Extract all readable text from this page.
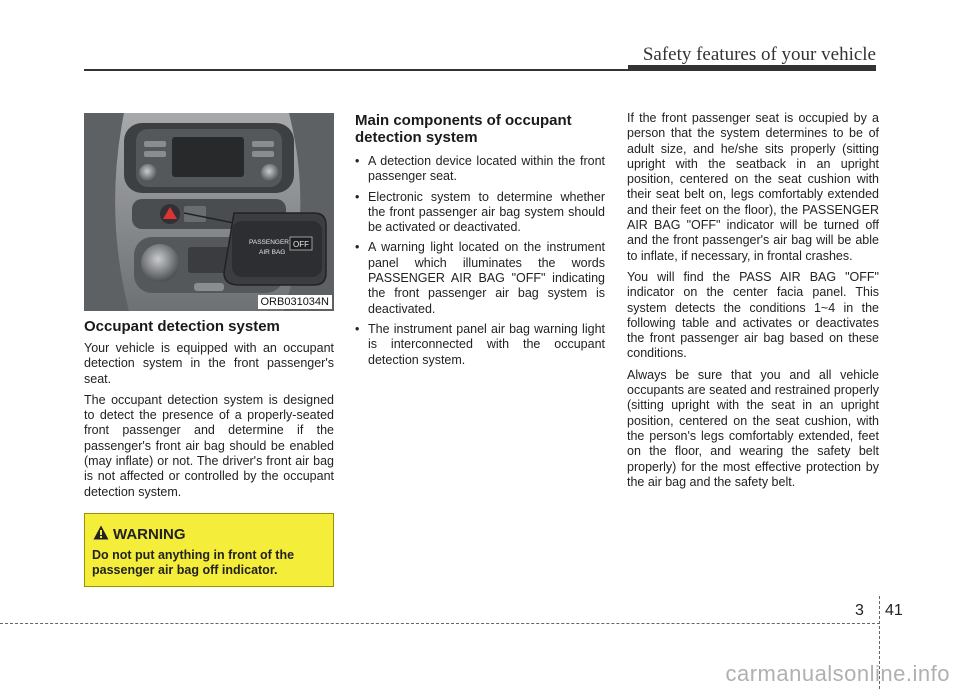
Safety features of your vehicle
PASSENGER
AIR BAG
OFF
ORB031034N
Occupant detection system

Your vehicle is equipped with an occupant detection system in the front passenger's seat.

The occupant detection system is designed to detect the presence of a properly-seated front passenger and determine if the passenger's front air bag should be enabled (may inflate) or not. The driver's front air bag is not affected or controlled by the occupant detection system.

WARNING
Do not put anything in front of the passenger air bag off indicator.
Main components of occupant detection system
• A detection device located within the front passenger seat.
• Electronic system to determine whether the front passenger air bag system should be activated or deactivated.
• A warning light located on the instrument panel which illuminates the words PASSENGER AIR BAG "OFF" indicating the front passenger air bag system is deactivated.
• The instrument panel air bag warning light is interconnected with the occupant detection system.

If the front passenger seat is occupied by a person that the system determines to be of adult size, and he/she sits properly (sitting upright with the seatback in an upright position, centered on the seat cushion with their seat belt on, legs comfortably extended and their feet on the floor), the PASSENGER AIR BAG "OFF" indicator will be turned off and the front passenger's air bag will be able to inflate, if necessary, in frontal crashes.

You will find the PASS AIR BAG "OFF" indicator on the center facia panel. This system detects the conditions 1~4 in the following table and activates or deactivates the front passenger air bag based on these conditions.

Always be sure that you and all vehicle occupants are seated and restrained properly (sitting upright with the seat in an upright position, centered on the seat cushion, with the person's legs comfortably extended, feet on the floor, and wearing the safety belt properly) for the most effective protection by the air bag and the safety belt.

3 41
carmanualsonline.info
